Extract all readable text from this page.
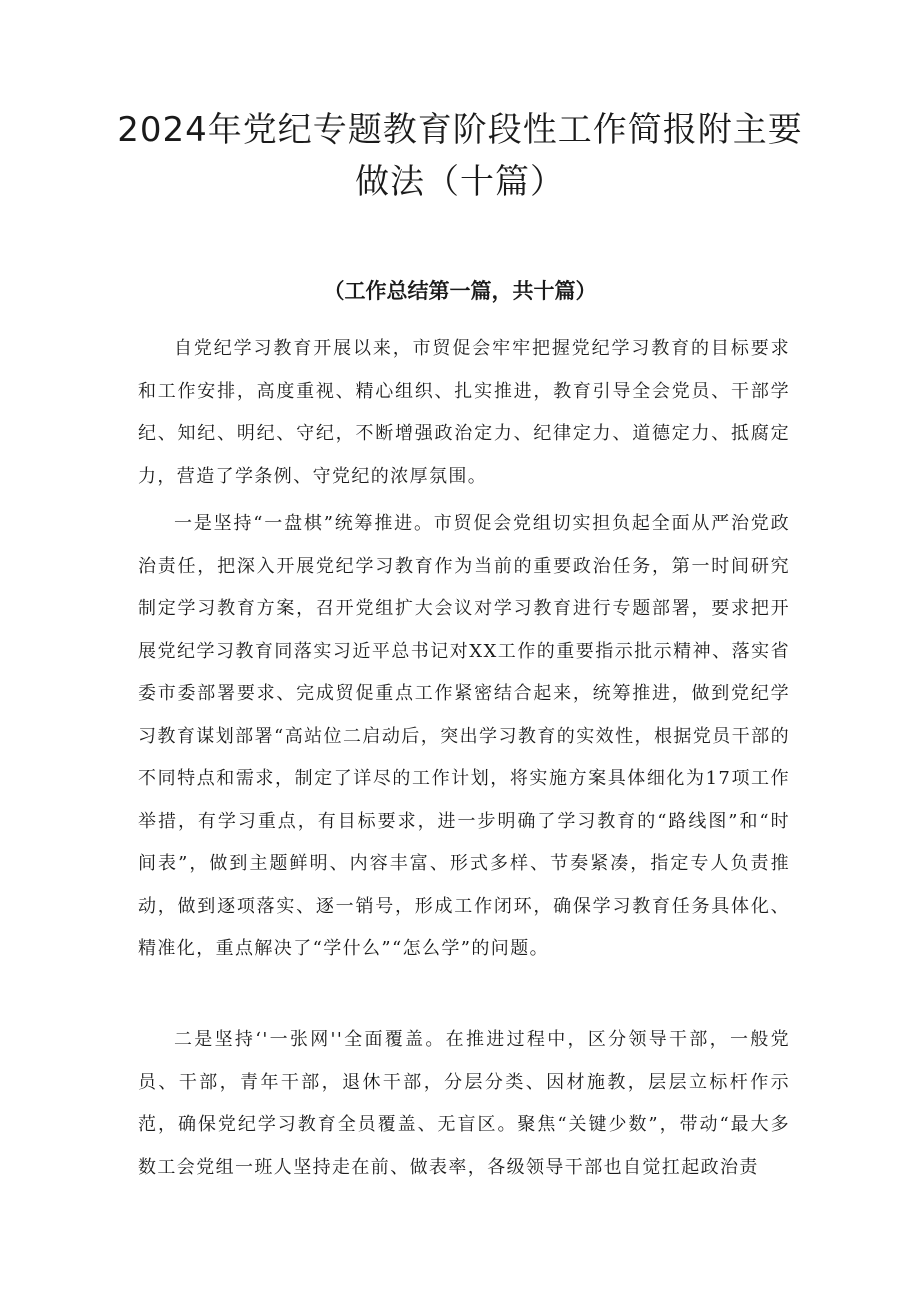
2024年党纪专题教育阶段性工作简报附主要做法（十篇）
（工作总结第一篇，共十篇）

自党纪学习教育开展以来，市贸促会牢牢把握党纪学习教育的目标要求和工作安排，高度重视、精心组织、扎实推进，教育引导全会党员、干部学纪、知纪、明纪、守纪，不断增强政治定力、纪律定力、道德定力、抵腐定力，营造了学条例、守党纪的浓厚氛围。

一是坚持“一盘棋”统筹推进。市贸促会党组切实担负起全面从严治党政治责任，把深入开展党纪学习教育作为当前的重要政治任务，第一时间研究制定学习教育方案，召开党组扩大会议对学习教育进行专题部署，要求把开展党纪学习教育同落实习近平总书记对XX工作的重要指示批示精神、落实省委市委部署要求、完成贸促重点工作紧密结合起来，统筹推进，做到党纪学习教育谋划部署“高站位二启动后，突出学习教育的实效性，根据党员干部的不同特点和需求，制定了详尽的工作计划，将实施方案具体细化为17项工作举措，有学习重点，有目标要求，进一步明确了学习教育的“路线图”和“时间表”，做到主题鲜明、内容丰富、形式多样、节奏紧凑，指定专人负责推动，做到逐项落实、逐一销号，形成工作闭环，确保学习教育任务具体化、精准化，重点解决了“学什么”“怎么学”的问题。

二是坚持‘'一张网''全面覆盖。在推进过程中，区分领导干部，一般党员、干部，青年干部，退休干部，分层分类、因材施教，层层立标杆作示范，确保党纪学习教育全员覆盖、无盲区。聚焦“关键少数”，带动“最大多数工会党组一班人坚持走在前、做表率，各级领导干部也自觉扛起政治责
